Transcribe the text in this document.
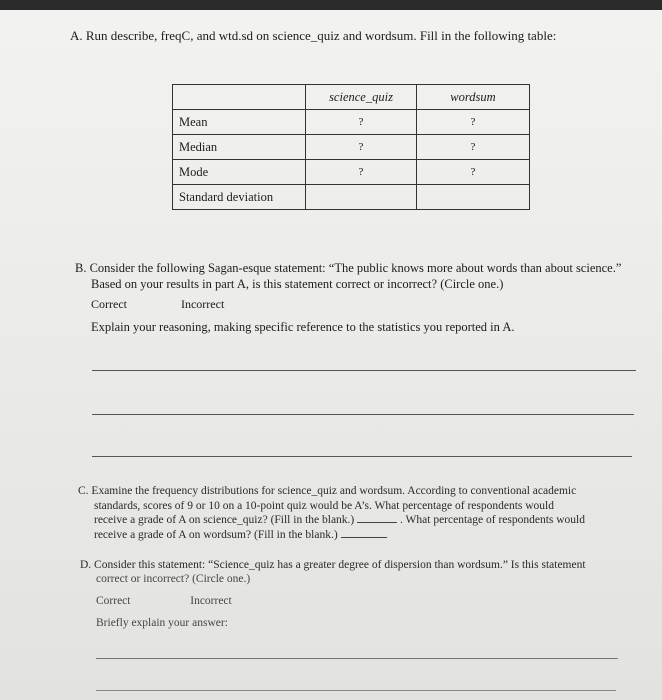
A. Run describe, freqC, and wtd.sd on science_quiz and wordsum. Fill in the following table:
	science_quiz	wordsum
Mean	?	?
Median	?	?
Mode	?	?
Standard deviation		
B. Consider the following Sagan-esque statement: “The public knows more about words than about science.”
Based on your results in part A, is this statement correct or incorrect? (Circle one.)
Correct	Incorrect
Explain your reasoning, making specific reference to the statistics you reported in A.
C. Examine the frequency distributions for science_quiz and wordsum. According to conventional academic
standards, scores of 9 or 10 on a 10-point quiz would be A’s. What percentage of respondents would
receive a grade of A on science_quiz? (Fill in the blank.)	. What percentage of respondents would
receive a grade of A on wordsum? (Fill in the blank.)
D. Consider this statement: “Science_quiz has a greater degree of dispersion than wordsum.” Is this statement
correct or incorrect? (Circle one.)
Correct	Incorrect
Briefly explain your answer:
